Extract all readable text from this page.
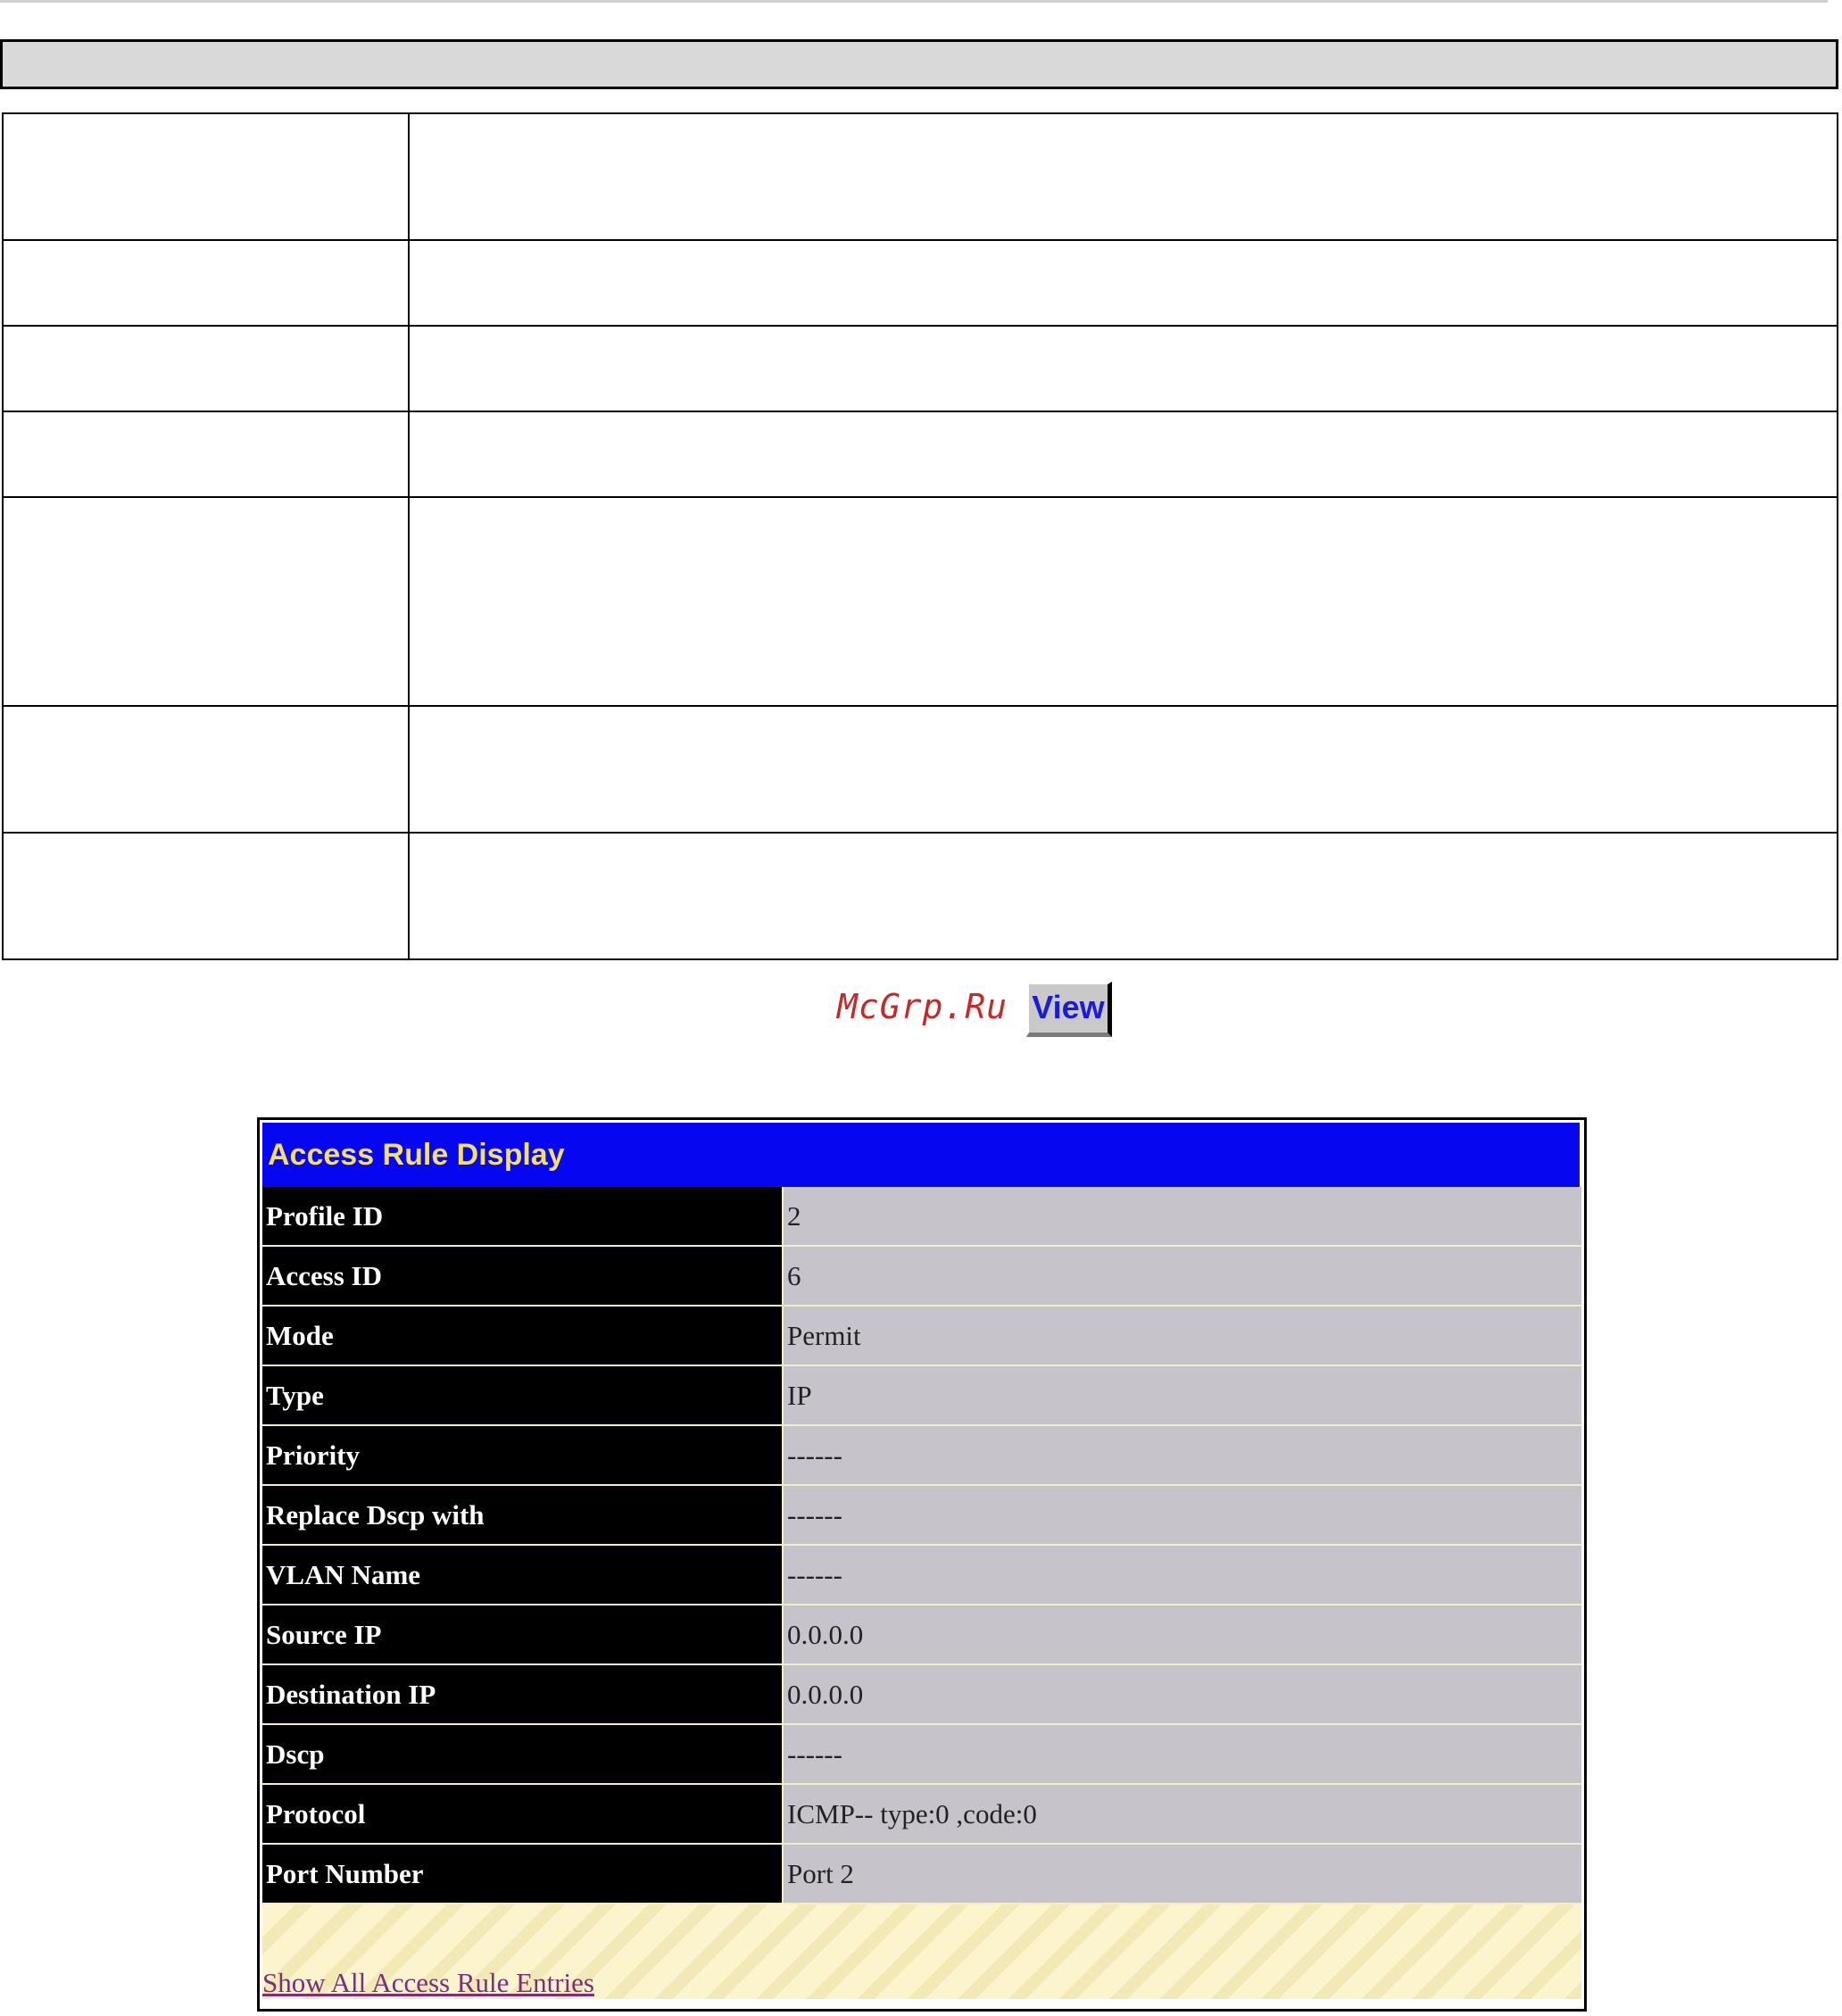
McGrp.Ru View
Access Rule Display
Profile ID	2
Access ID	6
Mode	Permit
Type	IP
Priority	------
Replace Dscp with	------
VLAN Name	------
Source IP	0.0.0.0
Destination IP	0.0.0.0
Dscp	------
Protocol	ICMP-- type:0 ,code:0
Port Number	Port 2
Show All Access Rule Entries
